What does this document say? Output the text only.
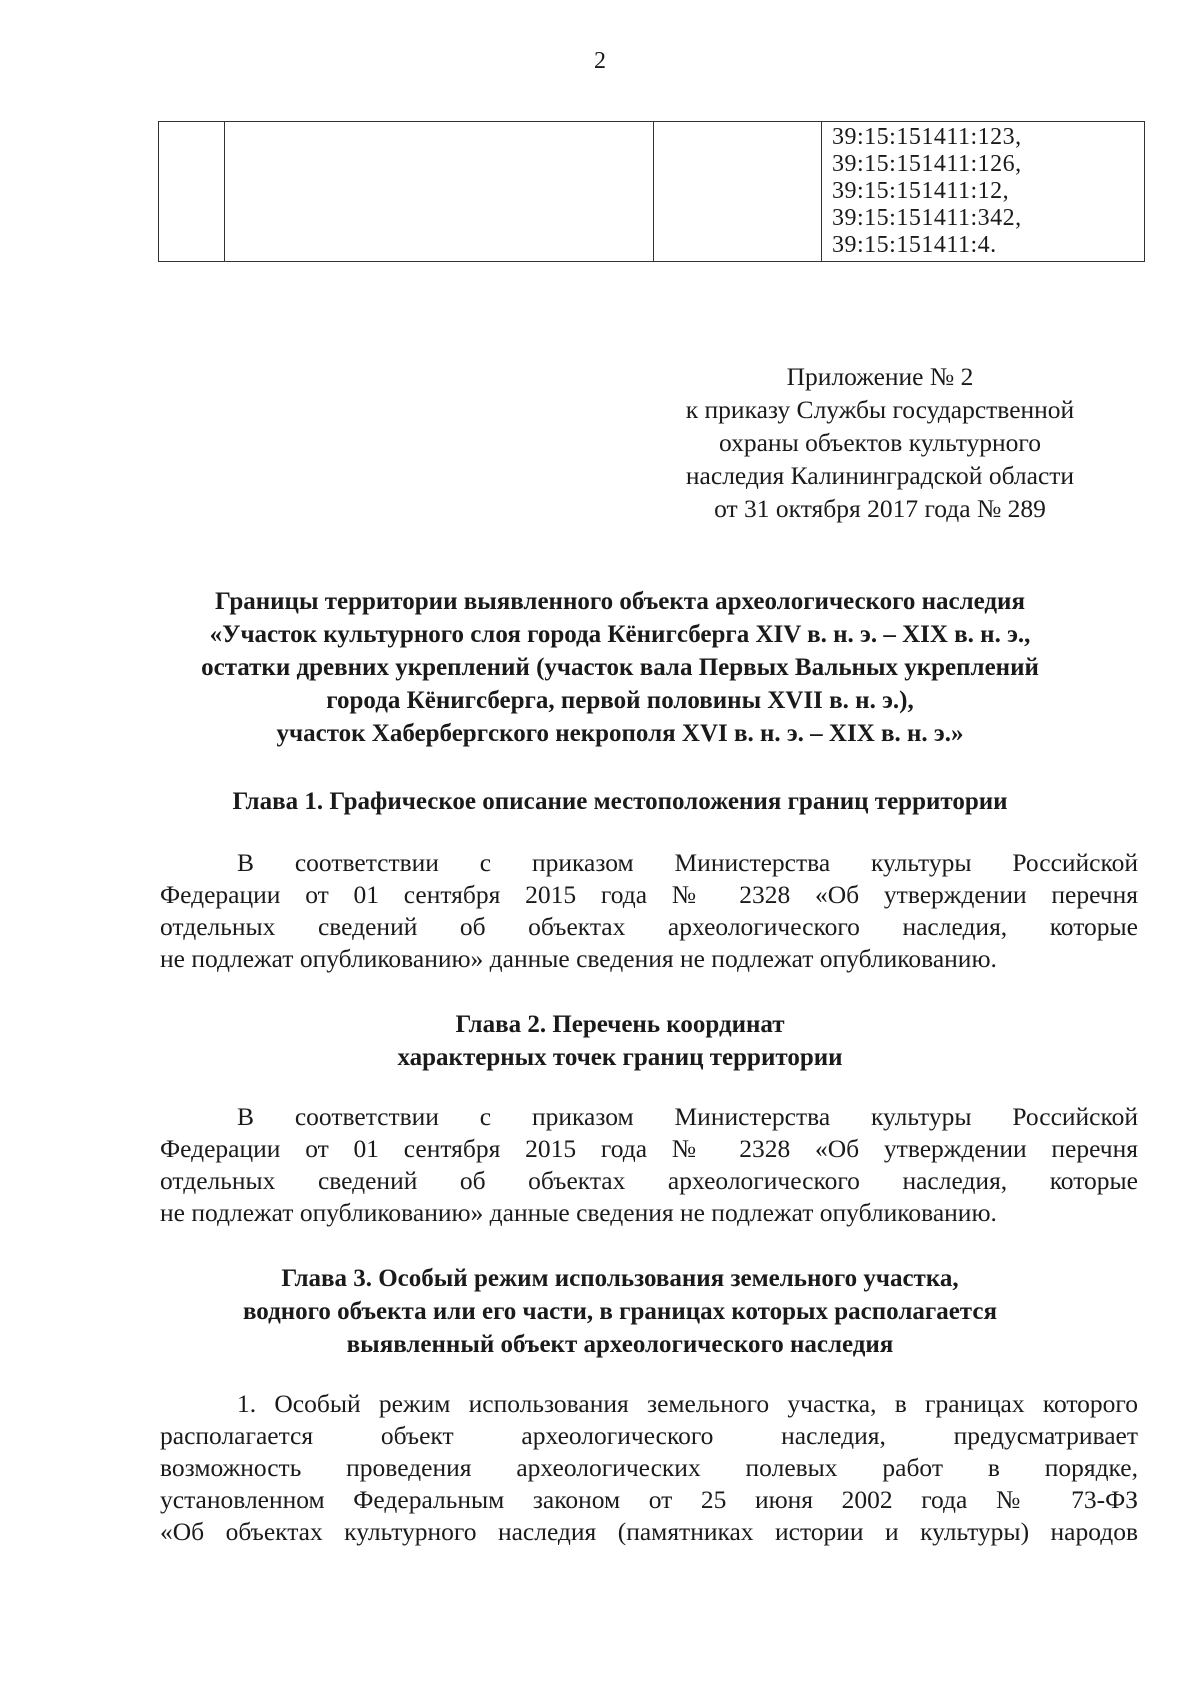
2

39:15:151411:123,
39:15:151411:126,
39:15:151411:12,
39:15:151411:342,
39:15:151411:4.
Приложение № 2
к приказу Службы государственной
охраны объектов культурного
наследия Калининградской области
от 31 октября 2017 года № 289
Границы территории выявленного объекта археологического наследия
«Участок культурного слоя города Кёнигсберга XIV в. н. э. – XIX в. н. э.,
остатки древних укреплений (участок вала Первых Вальных укреплений
города Кёнигсберга, первой половины XVII в. н. э.),
участок Хабербергского некрополя XVI в. н. э. – XIX в. н. э.»
Глава 1. Графическое описание местоположения границ территории
В соответствии с приказом Министерства культуры Российской
Федерации от 01 сентября 2015 года № 2328 «Об утверждении перечня
отдельных сведений об объектах археологического наследия, которые
не подлежат опубликованию» данные сведения не подлежат опубликованию.
Глава 2. Перечень координат
характерных точек границ территории
В соответствии с приказом Министерства культуры Российской
Федерации от 01 сентября 2015 года № 2328 «Об утверждении перечня
отдельных сведений об объектах археологического наследия, которые
не подлежат опубликованию» данные сведения не подлежат опубликованию.
Глава 3. Особый режим использования земельного участка,
водного объекта или его части, в границах которых располагается
выявленный объект археологического наследия
1. Особый режим использования земельного участка, в границах которого
располагается объект археологического наследия, предусматривает
возможность проведения археологических полевых работ в порядке,
установленном Федеральным законом от 25 июня 2002 года № 73-ФЗ
«Об объектах культурного наследия (памятниках истории и культуры) народов
